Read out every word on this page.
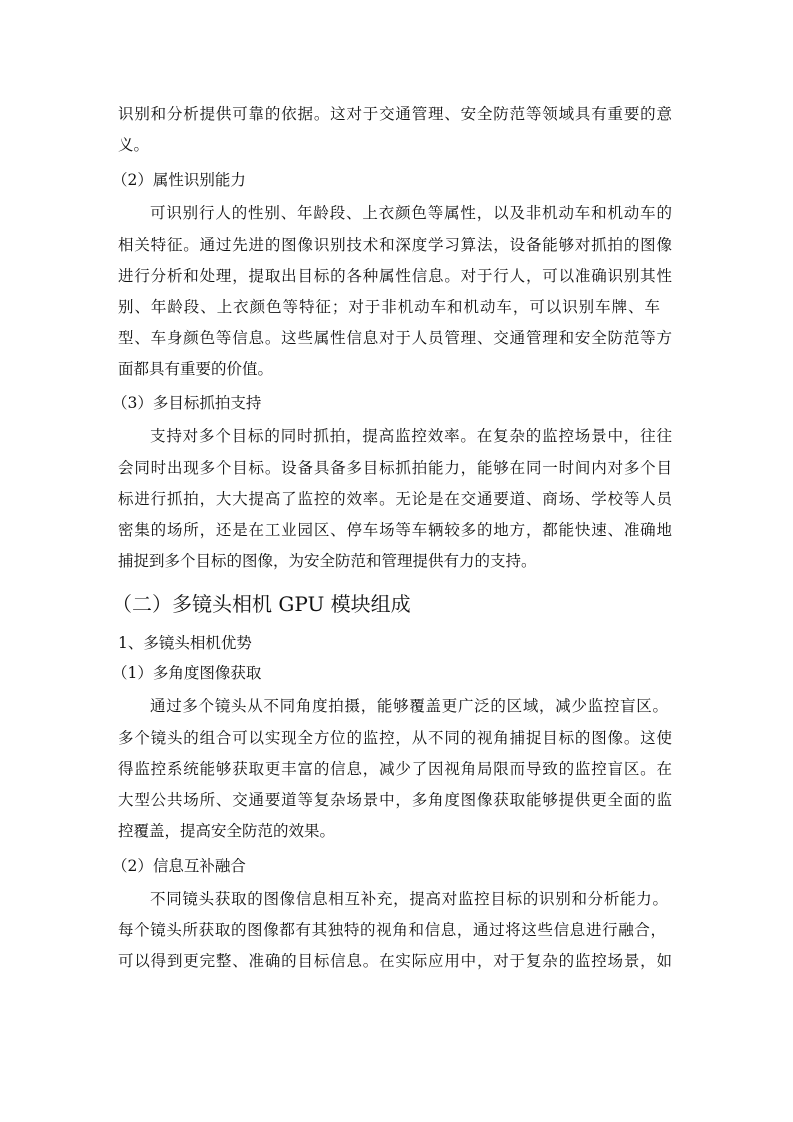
识别和分析提供可靠的依据。这对于交通管理、安全防范等领域具有重要的意
义。
（2）属性识别能力
可识别行人的性别、年龄段、上衣颜色等属性，以及非机动车和机动车的
相关特征。通过先进的图像识别技术和深度学习算法，设备能够对抓拍的图像
进行分析和处理，提取出目标的各种属性信息。对于行人，可以准确识别其性
别、年龄段、上衣颜色等特征；对于非机动车和机动车，可以识别车牌、车
型、车身颜色等信息。这些属性信息对于人员管理、交通管理和安全防范等方
面都具有重要的价值。
（3）多目标抓拍支持
支持对多个目标的同时抓拍，提高监控效率。在复杂的监控场景中，往往
会同时出现多个目标。设备具备多目标抓拍能力，能够在同一时间内对多个目
标进行抓拍，大大提高了监控的效率。无论是在交通要道、商场、学校等人员
密集的场所，还是在工业园区、停车场等车辆较多的地方，都能快速、准确地
捕捉到多个目标的图像，为安全防范和管理提供有力的支持。
（二）多镜头相机 GPU 模块组成
1、多镜头相机优势
（1）多角度图像获取
通过多个镜头从不同角度拍摄，能够覆盖更广泛的区域，减少监控盲区。
多个镜头的组合可以实现全方位的监控，从不同的视角捕捉目标的图像。这使
得监控系统能够获取更丰富的信息，减少了因视角局限而导致的监控盲区。在
大型公共场所、交通要道等复杂场景中，多角度图像获取能够提供更全面的监
控覆盖，提高安全防范的效果。
（2）信息互补融合
不同镜头获取的图像信息相互补充，提高对监控目标的识别和分析能力。
每个镜头所获取的图像都有其独特的视角和信息，通过将这些信息进行融合，
可以得到更完整、准确的目标信息。在实际应用中，对于复杂的监控场景，如
